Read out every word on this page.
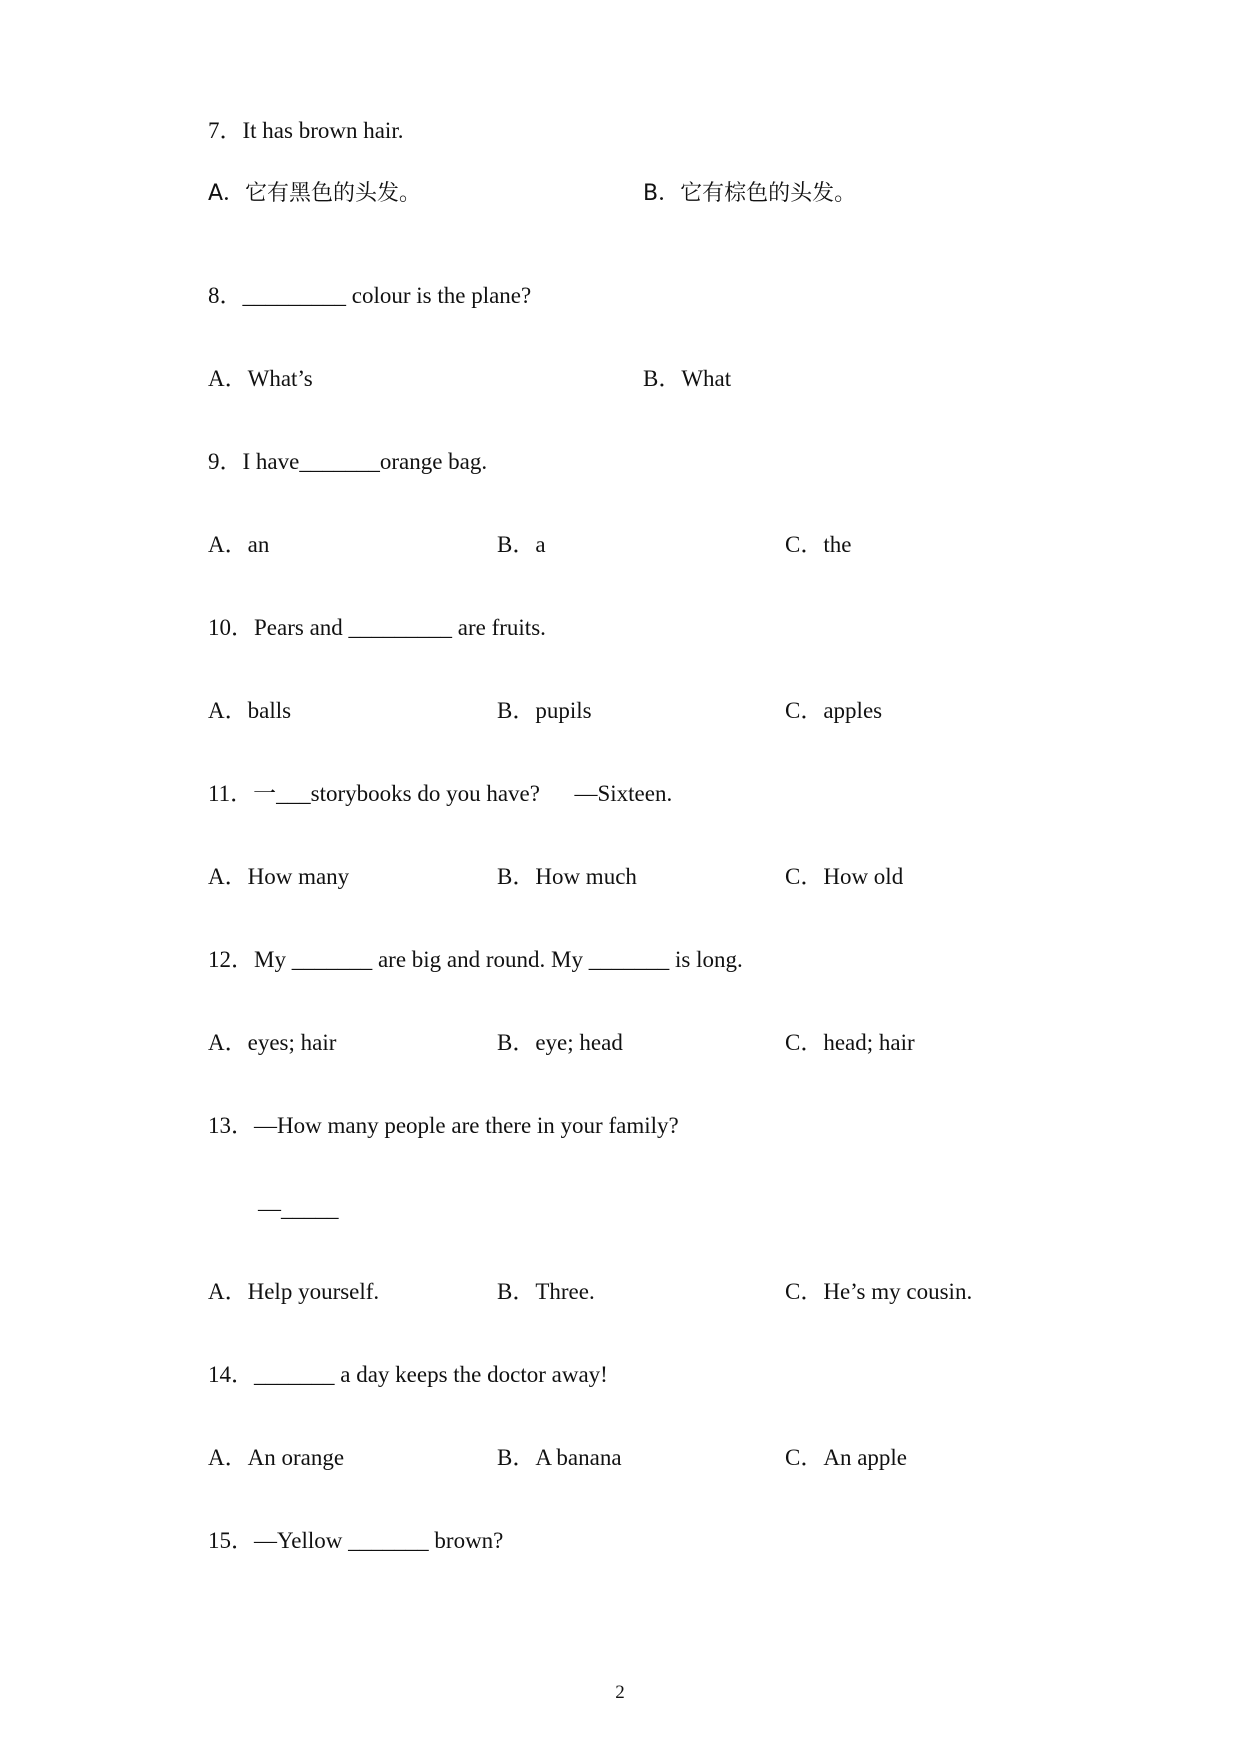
7．It has brown hair.
A．它有黑色的头发。	B．它有棕色的头发。
8．_________ colour is the plane?
A．What’s	B．What
9．I have_______orange bag.
A．an	B．a	C．the
10．Pears and _________ are fruits.
A．balls	B．pupils	C．apples
11．一___storybooks do you have?      —Sixteen.
A．How many	B．How much	C．How old
12．My _______ are big and round. My _______ is long.
A．eyes; hair	B．eye; head	C．head; hair
13．—How many people are there in your family?
—_____
A．Help yourself.	B．Three.	C．He’s my cousin.
14．_______ a day keeps the doctor away!
A．An orange	B．A banana	C．An apple
15．—Yellow _______ brown?
2
